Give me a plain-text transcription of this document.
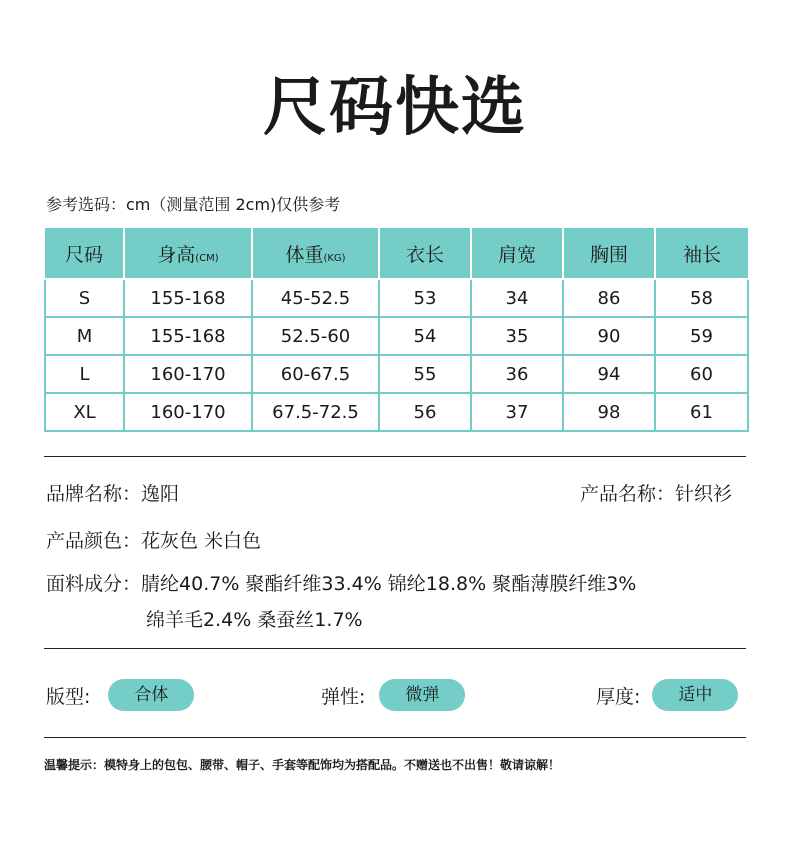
尺码快选
参考选码：cm（测量范围 2cm)仅供参考
尺码	身高(CM)	体重(KG)	衣长	肩宽	胸围	袖长
S	155-168	45-52.5	53	34	86	58
M	155-168	52.5-60	54	35	90	59
L	160-170	60-67.5	55	36	94	60
XL	160-170	67.5-72.5	56	37	98	61
品牌名称：逸阳	产品名称：针织衫
产品颜色：花灰色 米白色
面料成分：腈纶40.7% 聚酯纤维33.4% 锦纶18.8% 聚酯薄膜纤维3%
绵羊毛2.4% 桑蚕丝1.7%
版型:	合体	弹性:	微弹	厚度:	适中
温馨提示：模特身上的包包、腰带、帽子、手套等配饰均为搭配品。不赠送也不出售！敬请谅解！
